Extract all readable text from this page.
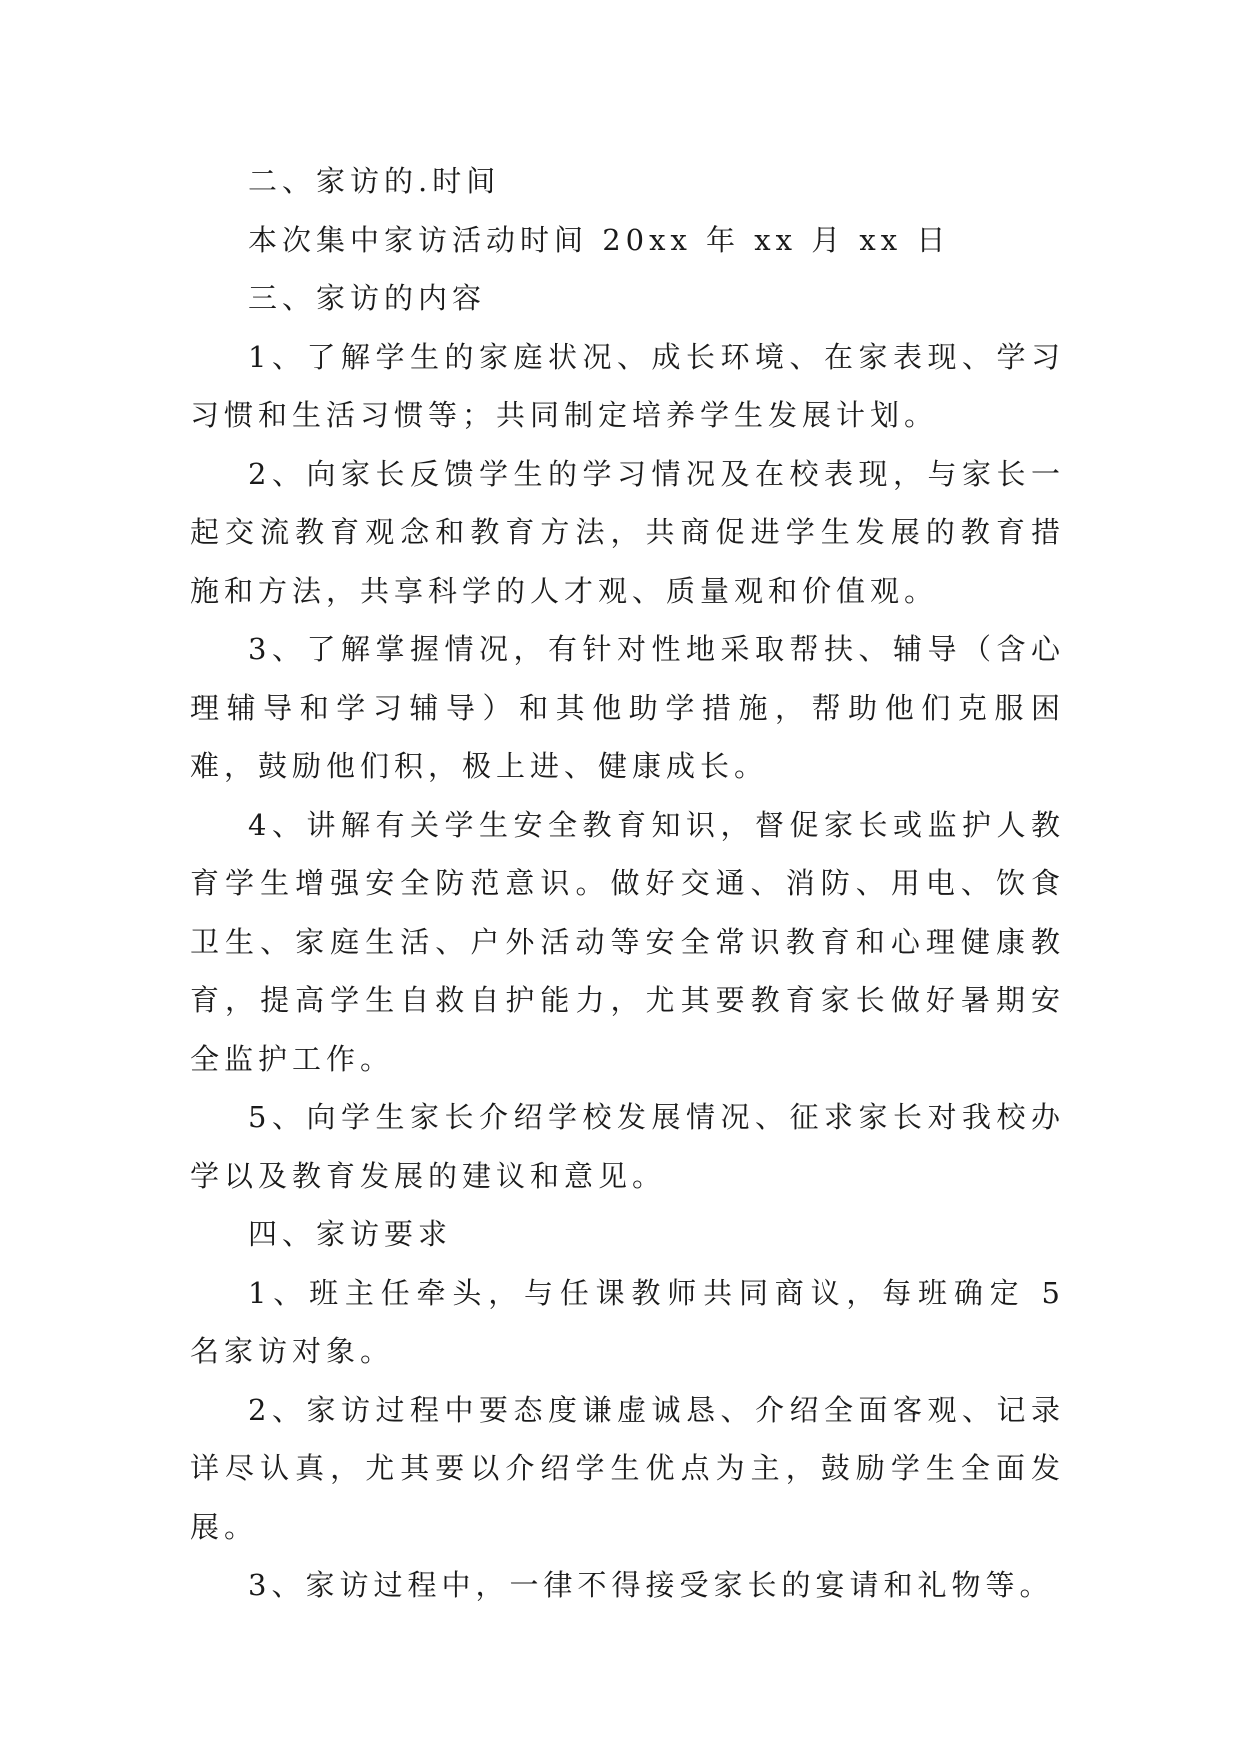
二、家访的.时间

本次集中家访活动时间 20xx 年 xx 月 xx 日

三、家访的内容

1、了解学生的家庭状况、成长环境、在家表现、学习习惯和生活习惯等；共同制定培养学生发展计划。

2、向家长反馈学生的学习情况及在校表现，与家长一起交流教育观念和教育方法，共商促进学生发展的教育措施和方法，共享科学的人才观、质量观和价值观。

3、了解掌握情况，有针对性地采取帮扶、辅导（含心理辅导和学习辅导）和其他助学措施，帮助他们克服困难，鼓励他们积，极上进、健康成长。

4、讲解有关学生安全教育知识，督促家长或监护人教育学生增强安全防范意识。做好交通、消防、用电、饮食卫生、家庭生活、户外活动等安全常识教育和心理健康教育，提高学生自救自护能力，尤其要教育家长做好暑期安全监护工作。

5、向学生家长介绍学校发展情况、征求家长对我校办学以及教育发展的建议和意见。

四、家访要求

1、班主任牵头，与任课教师共同商议，每班确定 5 名家访对象。

2、家访过程中要态度谦虚诚恳、介绍全面客观、记录详尽认真，尤其要以介绍学生优点为主，鼓励学生全面发展。

3、家访过程中，一律不得接受家长的宴请和礼物等。
